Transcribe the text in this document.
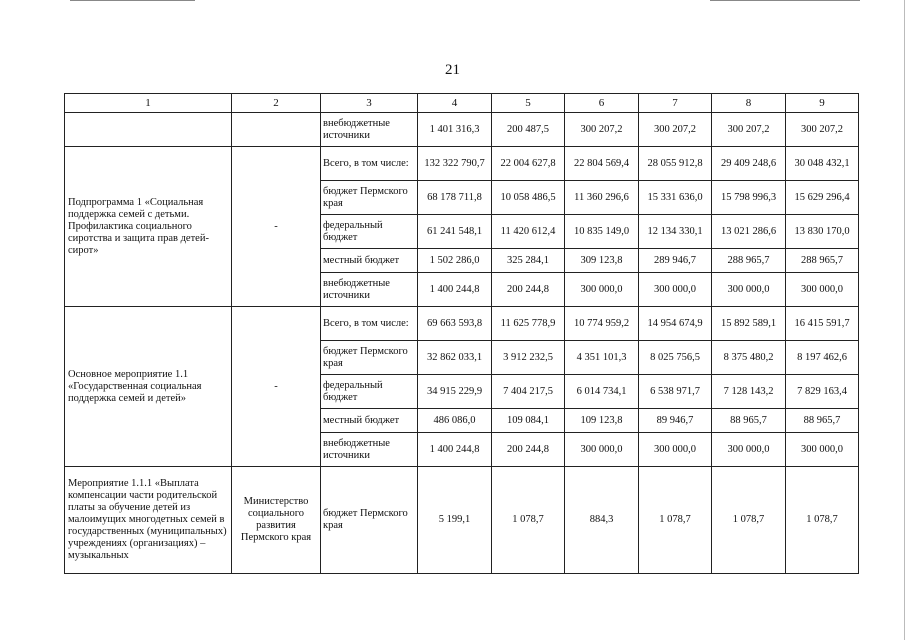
21
1	2	3	4	5	6	7	8	9
		внебюджетные источники	1 401 316,3	200 487,5	300 207,2	300 207,2	300 207,2	300 207,2
Подпрограмма 1 «Социальная поддержка семей с детьми. Профилактика социального сиротства и защита прав детей-сирот»	-	Всего, в том числе:	132 322 790,7	22 004 627,8	22 804 569,4	28 055 912,8	29 409 248,6	30 048 432,1
		бюджет Пермского края	68 178 711,8	10 058 486,5	11 360 296,6	15 331 636,0	15 798 996,3	15 629 296,4
		федеральный бюджет	61 241 548,1	11 420 612,4	10 835 149,0	12 134 330,1	13 021 286,6	13 830 170,0
		местный бюджет	1 502 286,0	325 284,1	309 123,8	289 946,7	288 965,7	288 965,7
		внебюджетные источники	1 400 244,8	200 244,8	300 000,0	300 000,0	300 000,0	300 000,0
Основное мероприятие 1.1 «Государственная социальная поддержка семей и детей»	-	Всего, в том числе:	69 663 593,8	11 625 778,9	10 774 959,2	14 954 674,9	15 892 589,1	16 415 591,7
		бюджет Пермского края	32 862 033,1	3 912 232,5	4 351 101,3	8 025 756,5	8 375 480,2	8 197 462,6
		федеральный бюджет	34 915 229,9	7 404 217,5	6 014 734,1	6 538 971,7	7 128 143,2	7 829 163,4
		местный бюджет	486 086,0	109 084,1	109 123,8	89 946,7	88 965,7	88 965,7
		внебюджетные источники	1 400 244,8	200 244,8	300 000,0	300 000,0	300 000,0	300 000,0
Мероприятие 1.1.1 «Выплата компенсации части родительской платы за обучение детей из малоимущих многодетных семей в государственных (муниципальных) учреждениях (организациях) – музыкальных	Министерство социального развития Пермского края	бюджет Пермского края	5 199,1	1 078,7	884,3	1 078,7	1 078,7	1 078,7
